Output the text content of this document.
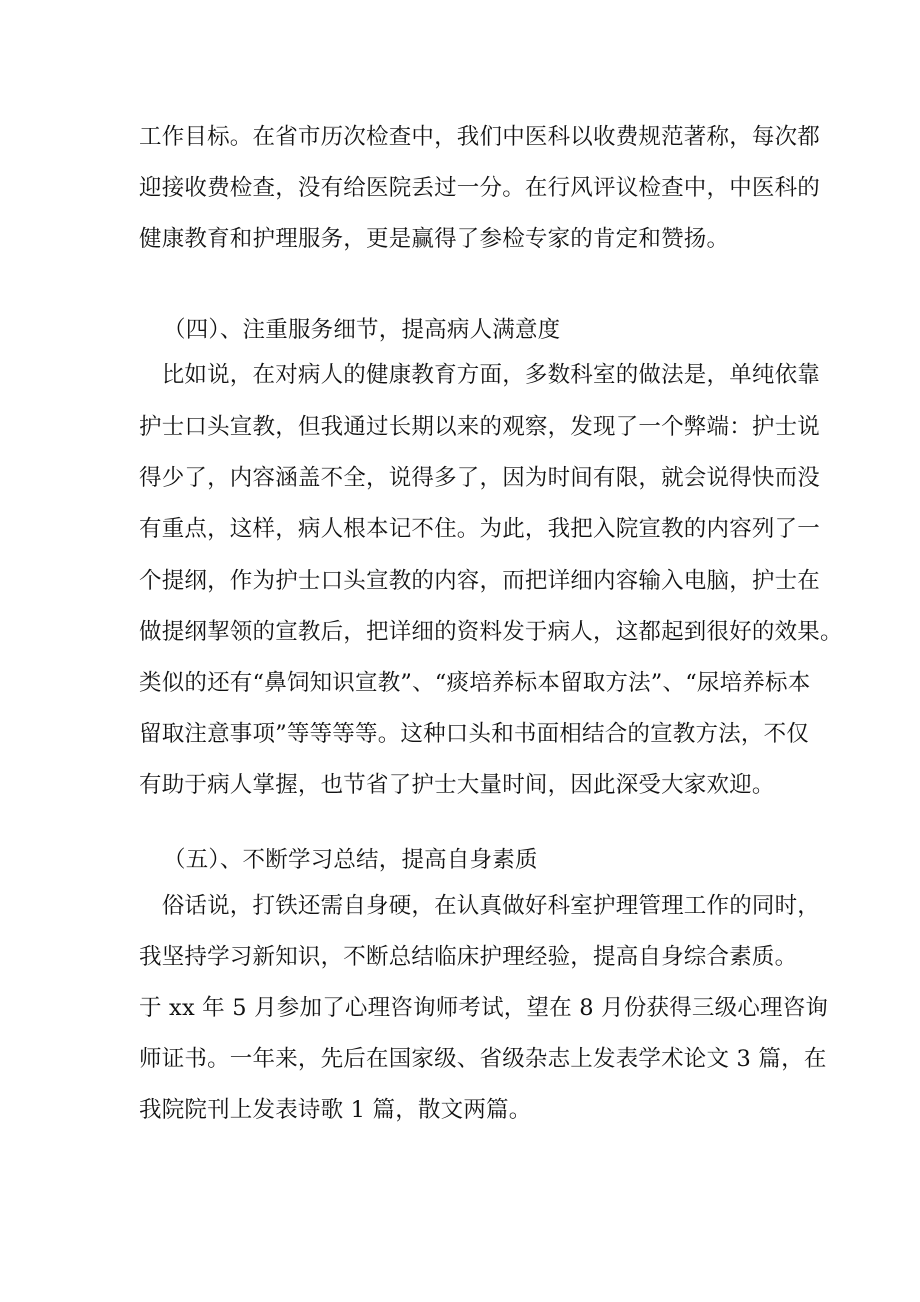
工作目标。在省市历次检查中，我们中医科以收费规范著称，每次都
迎接收费检查，没有给医院丢过一分。在行风评议检查中，中医科的
健康教育和护理服务，更是赢得了参检专家的肯定和赞扬。
（四）、注重服务细节，提高病人满意度
　比如说，在对病人的健康教育方面，多数科室的做法是，单纯依靠
护士口头宣教，但我通过长期以来的观察，发现了一个弊端：护士说
得少了，内容涵盖不全，说得多了，因为时间有限，就会说得快而没
有重点，这样，病人根本记不住。为此，我把入院宣教的内容列了一
个提纲，作为护士口头宣教的内容，而把详细内容输入电脑，护士在
做提纲挈领的宣教后，把详细的资料发于病人，这都起到很好的效果。
类似的还有“鼻饲知识宣教”、“痰培养标本留取方法”、“尿培养标本
留取注意事项”等等等等。这种口头和书面相结合的宣教方法，不仅
有助于病人掌握，也节省了护士大量时间，因此深受大家欢迎。
（五）、不断学习总结，提高自身素质
　俗话说，打铁还需自身硬，在认真做好科室护理管理工作的同时，
我坚持学习新知识，不断总结临床护理经验，提高自身综合素质。
于 xx 年 5 月参加了心理咨询师考试，望在 8 月份获得三级心理咨询
师证书。一年来，先后在国家级、省级杂志上发表学术论文 3 篇，在
我院院刊上发表诗歌 1 篇，散文两篇。
